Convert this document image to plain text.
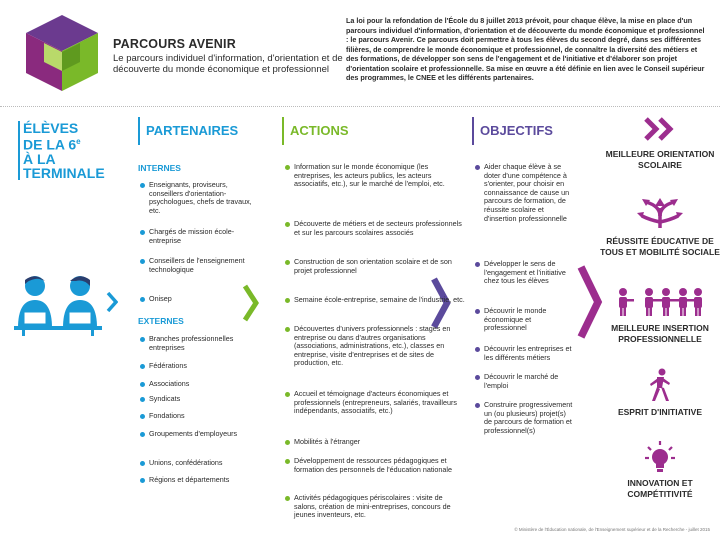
PARCOURS AVENIR
Le parcours individuel d'information, d'orientation et de découverte du monde économique et professionnel
La loi pour la refondation de l'École du 8 juillet 2013 prévoit, pour chaque élève, la mise en place d'un parcours individuel d'information, d'orientation et de découverte du monde économique et professionnel : le parcours Avenir. Ce parcours doit permettre à tous les élèves du second degré, dans ses différentes filières, de comprendre le monde économique et professionnel, de connaître la diversité des métiers et des formations, de développer son sens de l'engagement et de l'initiative et d'élaborer son projet d'orientation scolaire et professionnelle. Sa mise en œuvre a été définie en lien avec le Conseil supérieur des programmes, le CNEE et les différents partenaires.
ÉLÈVES
DE LA 6e
À LA
TERMINALE
PARTENAIRES
INTERNES
Enseignants, proviseurs, conseillers d'orientation-psychologues, chefs de travaux, etc.
Chargés de mission école-entreprise
Conseillers de l'enseignement technologique
Onisep
EXTERNES
Branches professionnelles entreprises
Fédérations
Associations
Syndicats
Fondations
Groupements d'employeurs
Unions, confédérations
Régions et départements
ACTIONS
Information sur le monde économique (les entreprises, les acteurs publics, les acteurs associatifs, etc.), sur le marché de l'emploi, etc.
Découverte de métiers et de secteurs professionnels et sur les parcours scolaires associés
Construction de son orientation scolaire et de son projet professionnel
Semaine école-entreprise, semaine de l'industrie, etc.
Découvertes d'univers professionnels : stages en entreprise ou dans d'autres organisations (associations, administrations, etc.), classes en entreprise, visite d'entreprises et de sites de production, etc.
Accueil et témoignage d'acteurs économiques et professionnels (entrepreneurs, salariés, travailleurs indépendants, associatifs, etc.)
Mobilités à l'étranger
Développement de ressources pédagogiques et formation des personnels de l'éducation nationale
Activités pédagogiques périscolaires : visite de salons, création de mini-entreprises, concours de jeunes inventeurs, etc.
OBJECTIFS
Aider chaque élève à se doter d'une compétence à s'orienter, pour choisir en connaissance de cause un parcours de formation, de réussite scolaire et d'insertion professionnelle
Développer le sens de l'engagement et l'initiative chez tous les élèves
Découvrir le monde économique et professionnel
Découvrir les entreprises et les différents métiers
Découvrir le marché de l'emploi
Construire progressivement un (ou plusieurs) projet(s) de parcours de formation et professionnel(s)
MEILLEURE ORIENTATION SCOLAIRE
RÉUSSITE ÉDUCATIVE DE TOUS ET MOBILITÉ SOCIALE
MEILLEURE INSERTION PROFESSIONNELLE
ESPRIT D'INITIATIVE
INNOVATION ET COMPÉTITIVITÉ
© Ministère de l'Éducation nationale, de l'Enseignement supérieur et de la Recherche - juillet 2015
